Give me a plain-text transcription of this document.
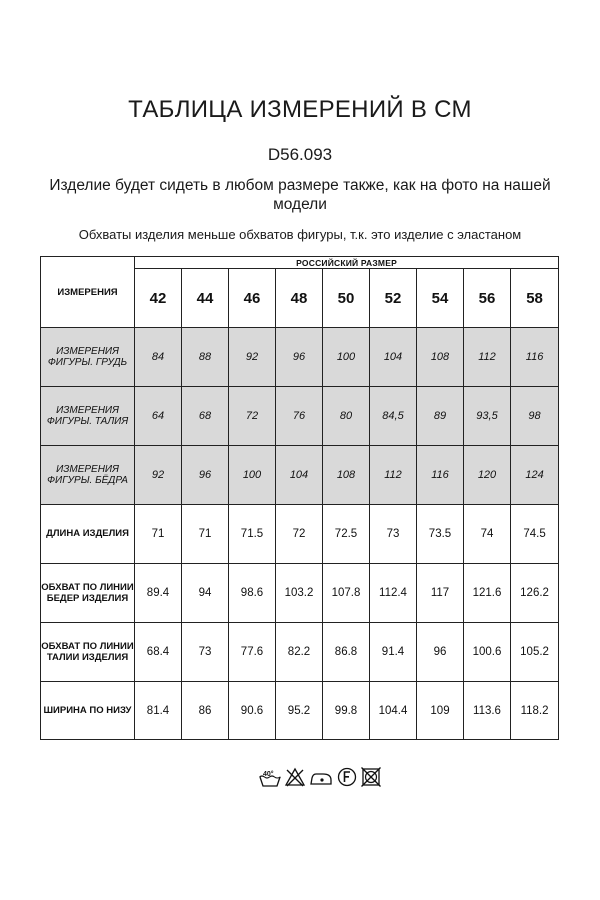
ТАБЛИЦА ИЗМЕРЕНИЙ В СМ
D56.093
Изделие будет сидеть в любом размере также, как на фото на нашей модели
Обхваты изделия меньше обхватов фигуры, т.к. это изделие с эластаном
ИЗМЕРЕНИЯ	РОССИЙСКИЙ РАЗМЕР								
	42	44	46	48	50	52	54	56	58
ИЗМЕРЕНИЯ ФИГУРЫ. ГРУДЬ	84	88	92	96	100	104	108	112	116
ИЗМЕРЕНИЯ ФИГУРЫ. ТАЛИЯ	64	68	72	76	80	84,5	89	93,5	98
ИЗМЕРЕНИЯ ФИГУРЫ. БЁДРА	92	96	100	104	108	112	116	120	124
ДЛИНА ИЗДЕЛИЯ	71	71	71.5	72	72.5	73	73.5	74	74.5
ОБХВАТ ПО ЛИНИИ БЕДЕР ИЗДЕЛИЯ	89.4	94	98.6	103.2	107.8	112.4	117	121.6	126.2
ОБХВАТ ПО ЛИНИИ ТАЛИИ ИЗДЕЛИЯ	68.4	73	77.6	82.2	86.8	91.4	96	100.6	105.2
ШИРИНА ПО НИЗУ	81.4	86	90.6	95.2	99.8	104.4	109	113.6	118.2
40°
